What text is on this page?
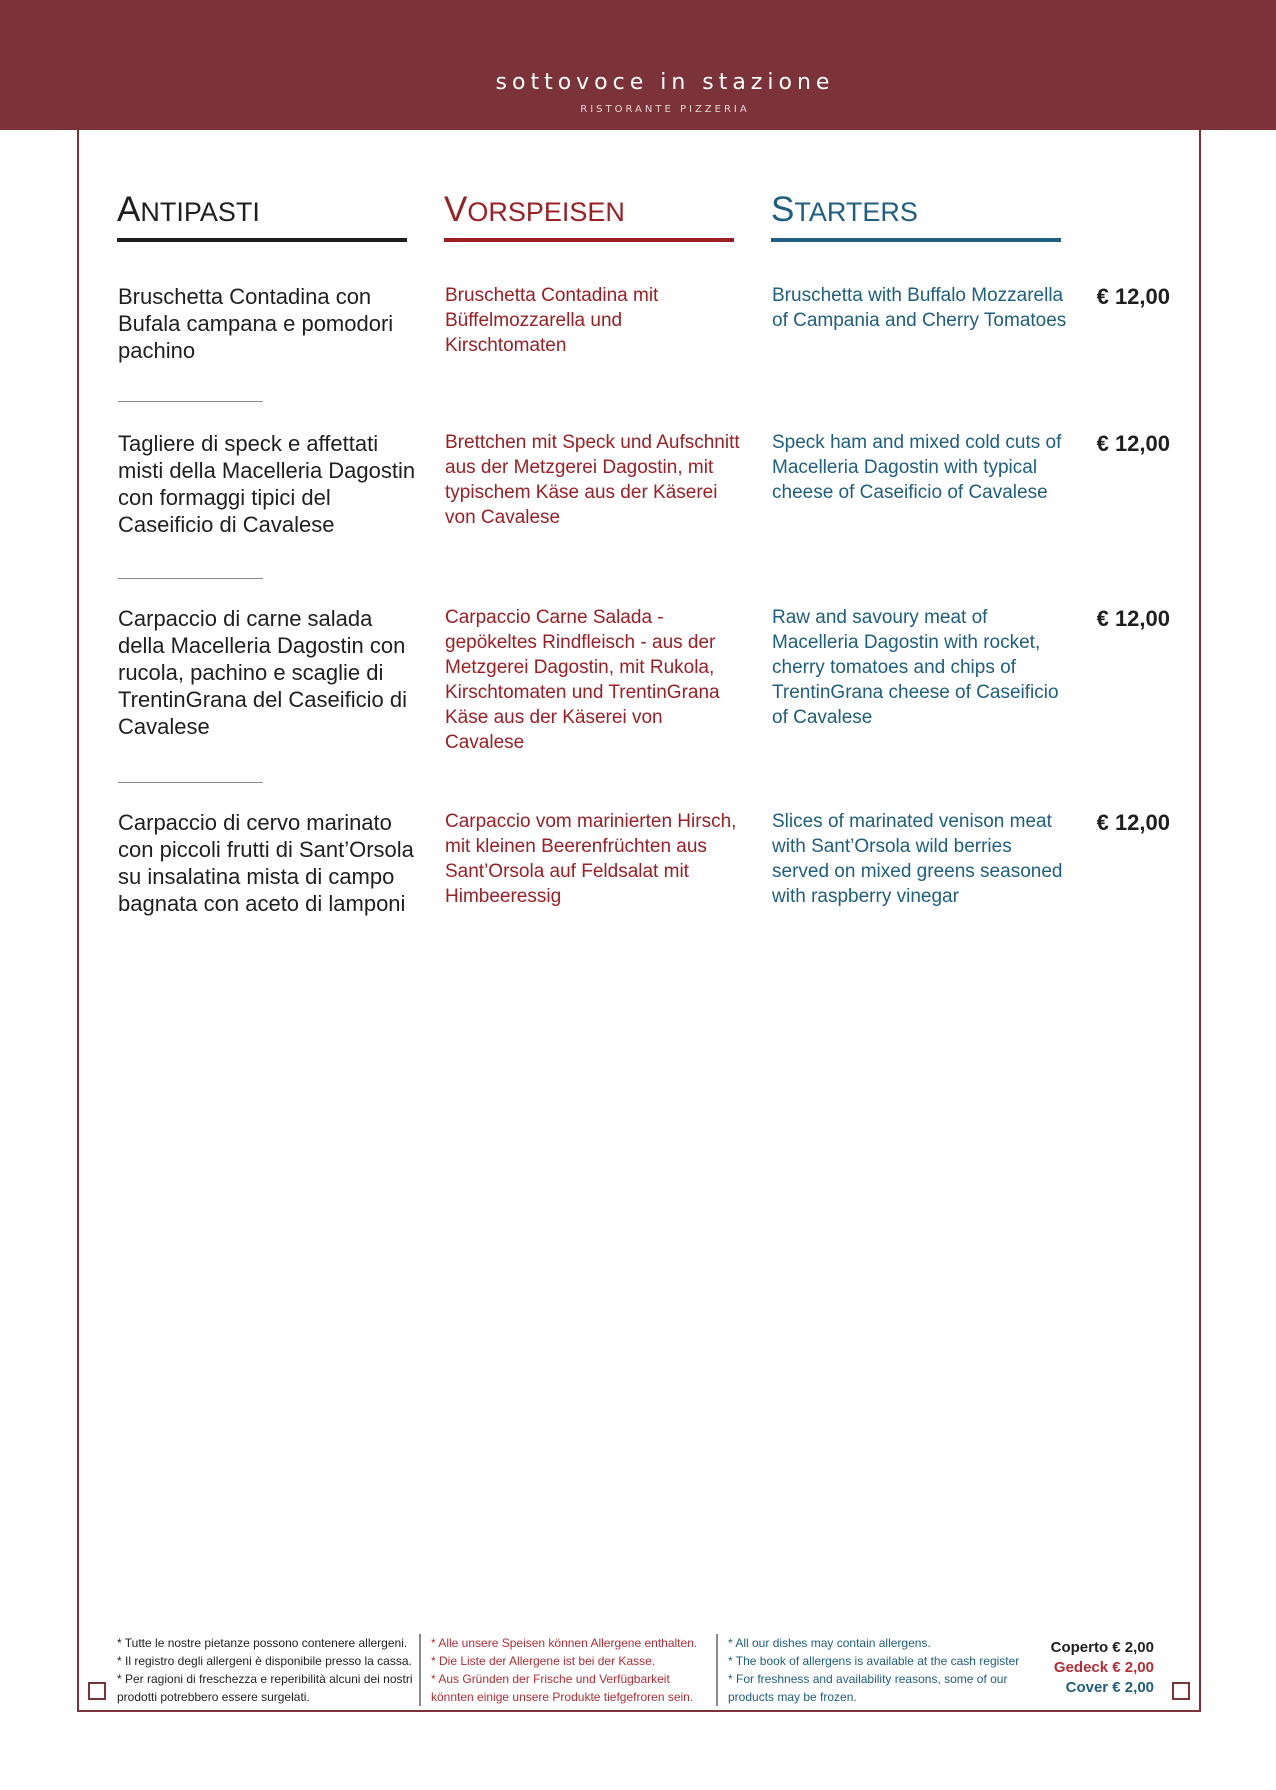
sottovoce in stazione
RISTORANTE PIZZERIA
ANTIPASTI	VORSPEISEN	STARTERS
Bruschetta Contadina con Bufala campana e pomodori pachino
Bruschetta Contadina mit Büffelmozzarella und Kirschtomaten
Bruschetta with Buffalo Mozzarella of Campania and Cherry Tomatoes
€ 12,00
Tagliere di speck e affettati misti della Macelleria Dagostin con formaggi tipici del Caseificio di Cavalese
Brettchen mit Speck und Aufschnitt aus der Metzgerei Dagostin, mit typischem Käse aus der Käserei von Cavalese
Speck ham and mixed cold cuts of Macelleria Dagostin with typical cheese of Caseificio of Cavalese
€ 12,00
Carpaccio di carne salada della Macelleria Dagostin con rucola, pachino e scaglie di TrentinGrana del Caseificio di Cavalese
Carpaccio Carne Salada - gepökeltes Rindfleisch - aus der Metzgerei Dagostin, mit Rukola, Kirschtomaten und TrentinGrana Käse aus der Käserei von Cavalese
Raw and savoury meat of Macelleria Dagostin with rocket, cherry tomatoes and chips of TrentinGrana cheese of Caseificio of Cavalese
€ 12,00
Carpaccio di cervo marinato con piccoli frutti di Sant’Orsola su insalatina mista di campo bagnata con aceto di lamponi
Carpaccio vom marinierten Hirsch, mit kleinen Beerenfrüchten aus Sant’Orsola auf Feldsalat mit Himbeeressig
Slices of marinated venison meat with Sant’Orsola wild berries served on mixed greens seasoned with raspberry vinegar
€ 12,00
* Tutte le nostre pietanze possono contenere allergeni.
* Il registro degli allergeni è disponibile presso la cassa.
* Per ragioni di freschezza e reperibilità alcuni dei nostri
prodotti potrebbero essere surgelati.
* Alle unsere Speisen können Allergene enthalten.
* Die Liste der Allergene ist bei der Kasse.
* Aus Gründen der Frische und Verfügbarkeit
könnten einige unsere Produkte tiefgefroren sein.
* All our dishes may contain allergens.
* The book of allergens is available at the cash register
* For freshness and availability reasons, some of our
products may be frozen.
Coperto € 2,00
Gedeck € 2,00
Cover € 2,00
